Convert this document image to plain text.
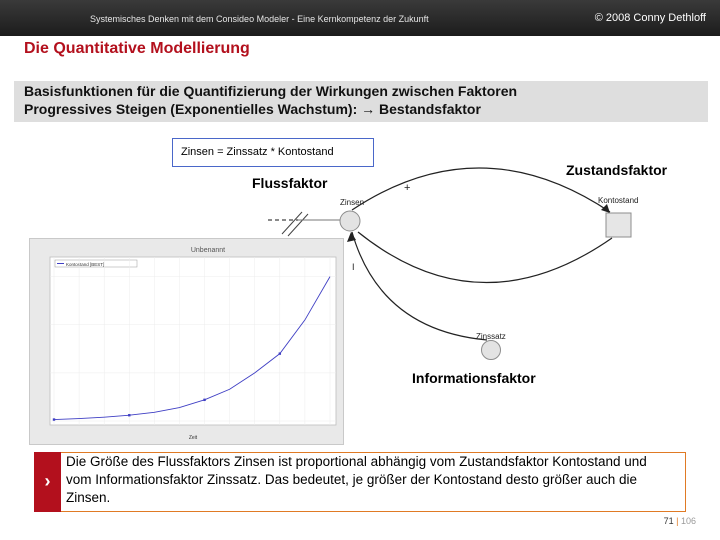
Systemisches Denken mit dem Consideo Modeler - Eine Kernkompetenz der Zukunft	© 2008 Conny Dethloff
Die Quantitative Modellierung
Basisfunktionen für die Quantifizierung der Wirkungen zwischen Faktoren
Progressives Steigen (Exponentielles Wachstum): → Bestandsfaktor
Zinsen = Zinssatz * Kontostand
Flussfaktor
Zustandsfaktor
Informationsfaktor
Zinsen	Kontostand
Zinssatz
+
I
Unbenannt
Kontostand [BEST]
Zeit
›
Die Größe des Flussfaktors Zinsen ist proportional abhängig vom Zustandsfaktor Kontostand und vom Informationsfaktor Zinssatz. Das bedeutet, je größer der Kontostand desto größer auch die Zinsen.
71 | 106
